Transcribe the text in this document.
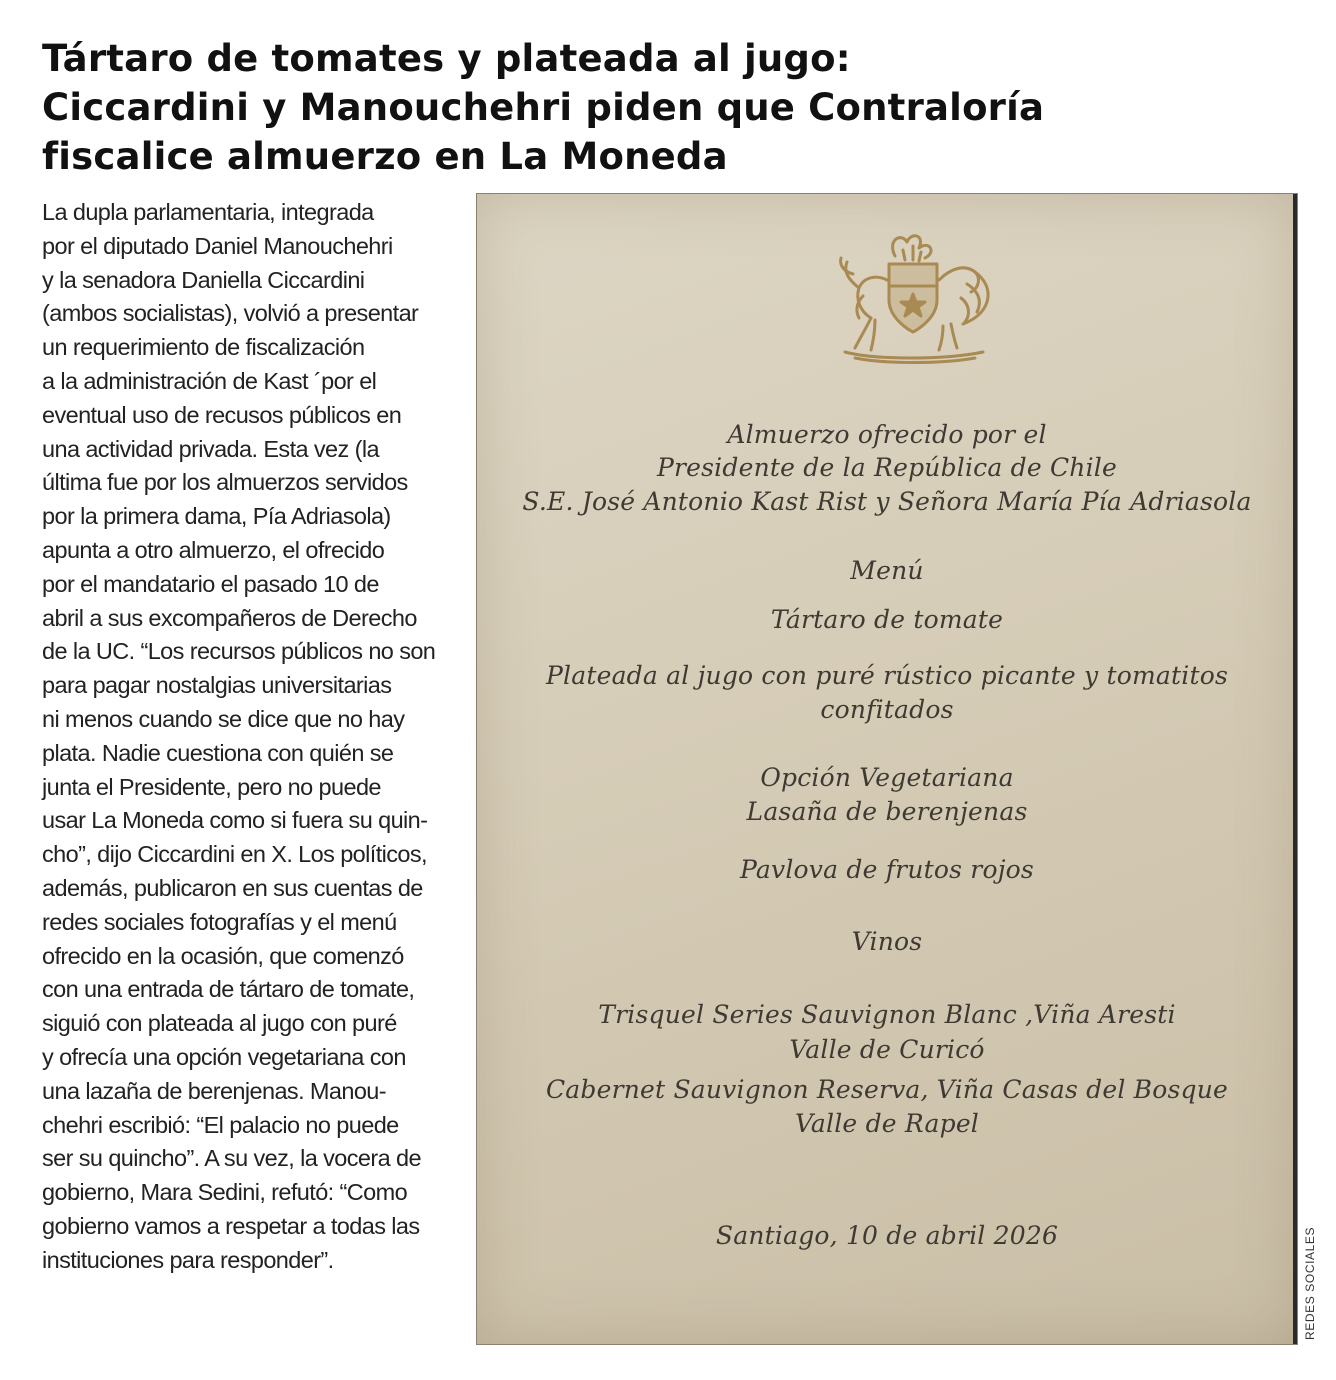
Tártaro de tomates y plateada al jugo:
Ciccardini y Manouchehri piden que Contraloría
fiscalice almuerzo en La Moneda
La dupla parlamentaria, integrada
por el diputado Daniel Manouchehri
y la senadora Daniella Ciccardini
(ambos socialistas), volvió a presentar
un requerimiento de fiscalización
a la administración de Kast ´por el
eventual uso de recusos públicos en
una actividad privada. Esta vez (la
última fue por los almuerzos servidos
por la primera dama, Pía Adriasola)
apunta a otro almuerzo, el ofrecido
por el mandatario el pasado 10 de
abril a sus excompañeros de Derecho
de la UC. “Los recursos públicos no son
para pagar nostalgias universitarias
ni menos cuando se dice que no hay
plata. Nadie cuestiona con quién se
junta el Presidente, pero no puede
usar La Moneda como si fuera su quin-
cho”, dijo Ciccardini en X. Los políticos,
además, publicaron en sus cuentas de
redes sociales fotografías y el menú
ofrecido en la ocasión, que comenzó
con una entrada de tártaro de tomate,
siguió con plateada al jugo con puré
y ofrecía una opción vegetariana con
una lazaña de berenjenas. Manou-
chehri escribió: “El palacio no puede
ser su quincho”. A su vez, la vocera de
gobierno, Mara Sedini, refutó: “Como
gobierno vamos a respetar a todas las
instituciones para responder”.
Almuerzo ofrecido por el
Presidente de la República de Chile
S.E. José Antonio Kast Rist y Señora María Pía Adriasola
Menú
Tártaro de tomate
Plateada al jugo con puré rústico picante y tomatitos
confitados
Opción Vegetariana
Lasaña de berenjenas
Pavlova de frutos rojos
Vinos
Trisquel Series Sauvignon Blanc ,Viña Aresti
Valle de Curicó
Cabernet Sauvignon Reserva, Viña Casas del Bosque
Valle de Rapel
Santiago, 10 de abril 2026	REDES SOCIALES
